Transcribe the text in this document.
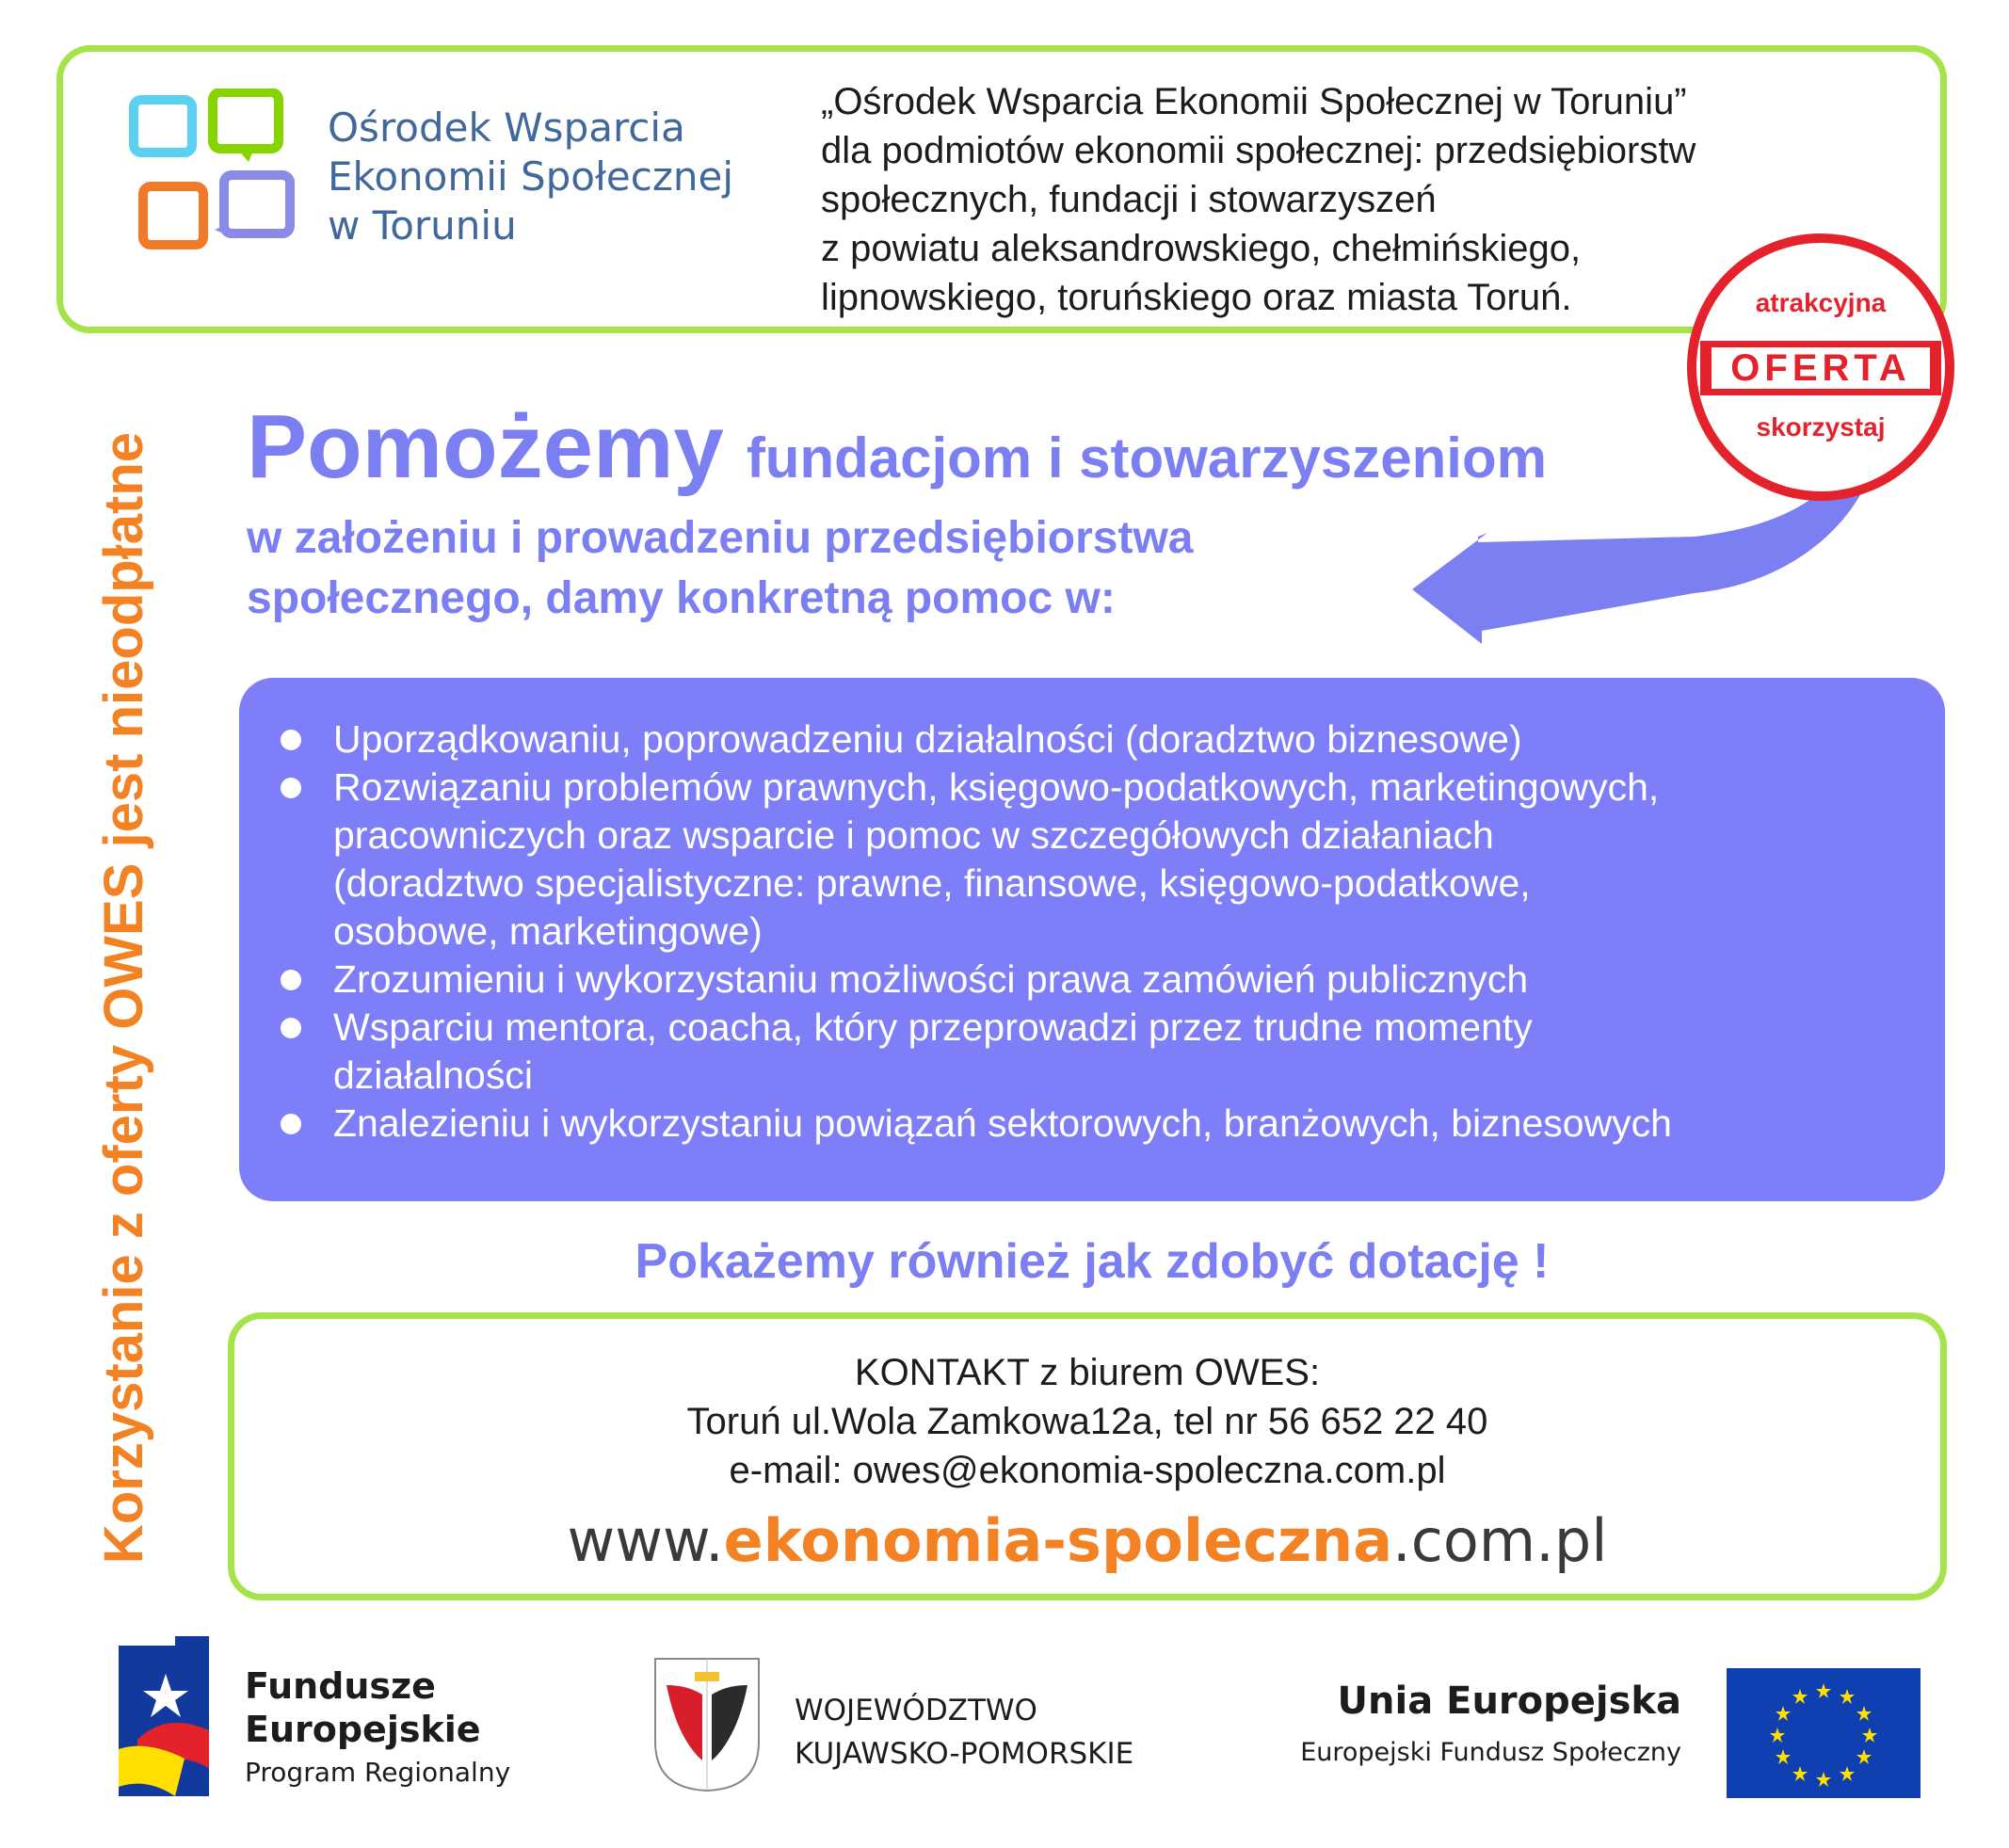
Ośrodek Wsparcia
Ekonomii Społecznej
w Toruniu
„Ośrodek Wsparcia Ekonomii Społecznej w Toruniu”
dla podmiotów ekonomii społecznej: przedsiębiorstw
społecznych, fundacji i stowarzyszeń
z powiatu aleksandrowskiego, chełmińskiego,
lipnowskiego, toruńskiego oraz miasta Toruń.	atrakcyjna
OFERTA
skorzystaj
Korzystanie z oferty OWES jest nieodpłatne Pomożemy fundacjom i stowarzyszeniom
w założeniu i prowadzeniu przedsiębiorstwa
społecznego, damy konkretną pomoc w:
Uporządkowaniu, poprowadzeniu działalności (doradztwo biznesowe)
Rozwiązaniu problemów prawnych, księgowo-podatkowych, marketingowych,
pracowniczych oraz wsparcie i pomoc w szczegółowych działaniach
(doradztwo specjalistyczne: prawne, finansowe, księgowo-podatkowe,
osobowe, marketingowe)
Zrozumieniu i wykorzystaniu możliwości prawa zamówień publicznych
Wsparciu mentora, coacha, który przeprowadzi przez trudne momenty
działalności
Znalezieniu i wykorzystaniu powiązań sektorowych, branżowych, biznesowych
Pokażemy również jak zdobyć dotację !
KONTAKT z biurem OWES:
Toruń ul.Wola Zamkowa12a, tel nr 56 652 22 40
e-mail: owes@ekonomia-spoleczna.com.pl
www.ekonomia-spoleczna.com.pl
Fundusze
Europejskie
Program Regionalny
WOJEWÓDZTWO
KUJAWSKO-POMORSKIE
Unia Europejska
Europejski Fundusz Społeczny
